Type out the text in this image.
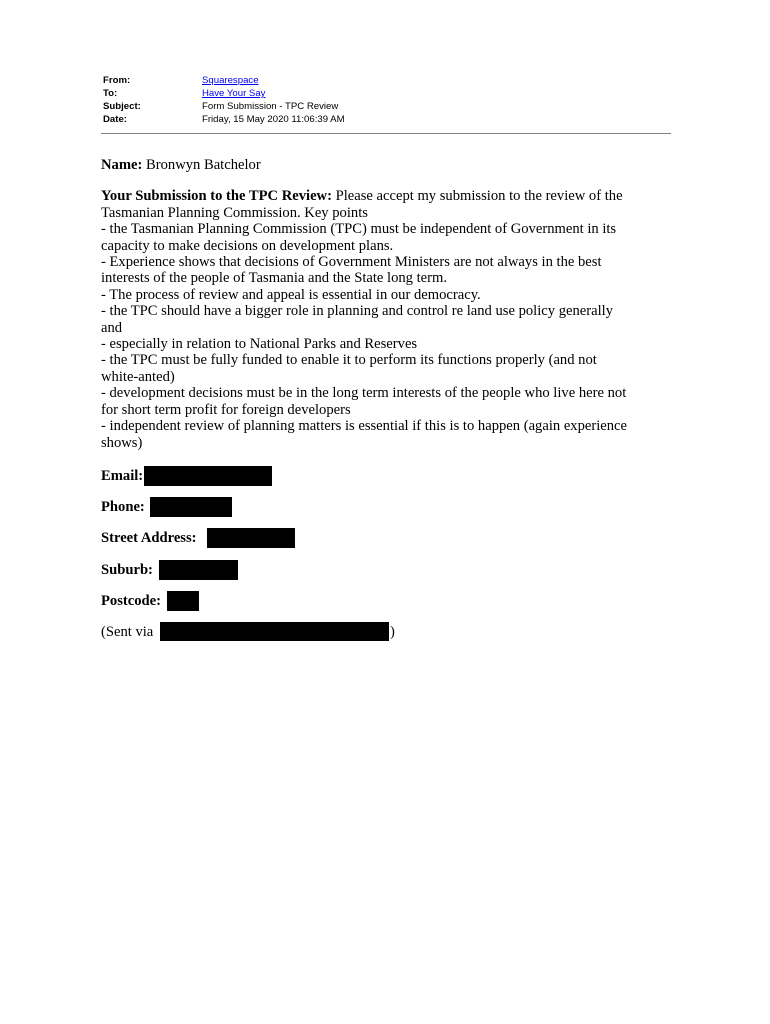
From:	Squarespace
To:	Have Your Say
Subject:	Form Submission - TPC Review
Date:	Friday, 15 May 2020 11:06:39 AM

Name: Bronwyn Batchelor

Your Submission to the TPC Review: Please accept my submission to the review of the
Tasmanian Planning Commission. Key points
- the Tasmanian Planning Commission (TPC) must be independent of Government in its
capacity to make decisions on development plans.
- Experience shows that decisions of Government Ministers are not always in the best
interests of the people of Tasmania and the State long term.
- The process of review and appeal is essential in our democracy.
- the TPC should have a bigger role in planning and control re land use policy generally
and
- especially in relation to National Parks and Reserves
- the TPC must be fully funded to enable it to perform its functions properly (and not
white-anted)
- development decisions must be in the long term interests of the people who live here not
for short term profit for foreign developers
- independent review of planning matters is essential if this is to happen (again experience
shows)

Email:
Phone:
Street Address:
Suburb:
Postcode:
(Sent via	)
